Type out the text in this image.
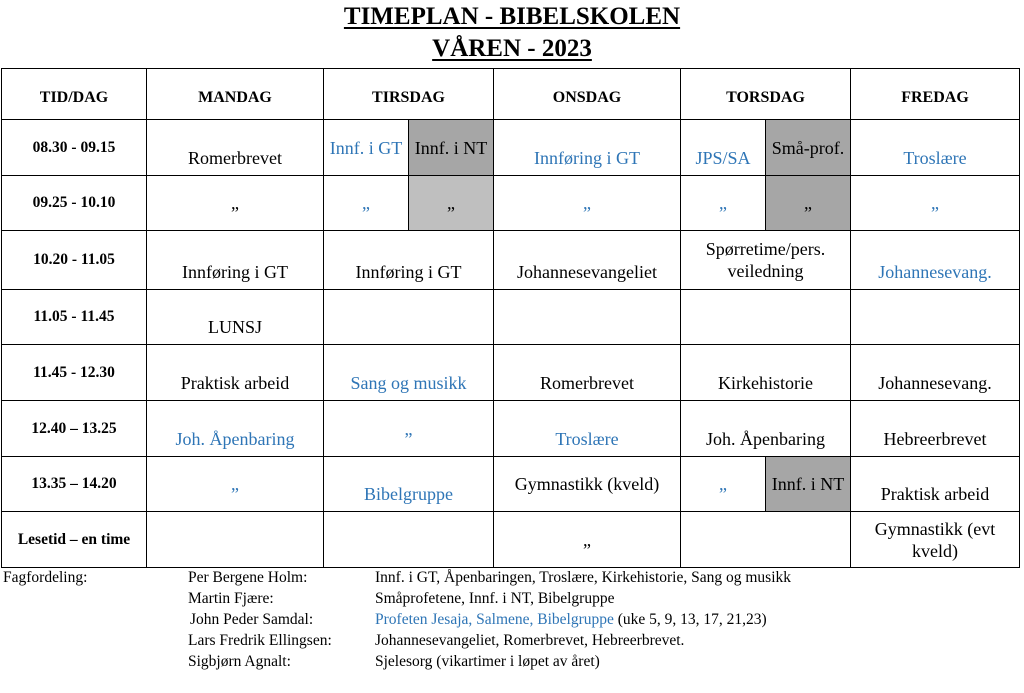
TIMEPLAN - BIBELSKOLEN
VÅREN - 2023
TID/DAG	MANDAG	TIRSDAG		ONSDAG	TORSDAG		FREDAG
08.30 - 09.15	Romerbrevet	Innf. i GT	Innf. i NT	Innføring i GT	JPS/SA	Små-prof.	Troslære
09.25 - 10.10	„	„	„	„	„	„	„
10.20 - 11.05	Innføring i GT	Innføring i GT		Johannesevangeliet	Spørretime/pers. veiledning		Johannesevang.
11.05 - 11.45	LUNSJ						
11.45 - 12.30	Praktisk arbeid	Sang og musikk		Romerbrevet	Kirkehistorie		Johannesevang.
12.40 – 13.25	Joh. Åpenbaring	„		Troslære	Joh. Åpenbaring		Hebreerbrevet
13.35 – 14.20	„	Bibelgruppe		Gymnastikk (kveld)	„	Innf. i NT	Praktisk arbeid
Lesetid – en time				„			Gymnastikk (evt kveld)
Fagfordeling:	Per Bergene Holm:	Innf. i GT, Åpenbaringen, Troslære, Kirkehistorie, Sang og musikk
Martin Fjære:	Småprofetene, Innf. i NT, Bibelgruppe
John Peder Samdal:	Profeten Jesaja, Salmene, Bibelgruppe (uke 5, 9, 13, 17, 21,23)
Lars Fredrik Ellingsen:	Johannesevangeliet, Romerbrevet, Hebreerbrevet.
Sigbjørn Agnalt:	Sjelesorg (vikartimer i løpet av året)
